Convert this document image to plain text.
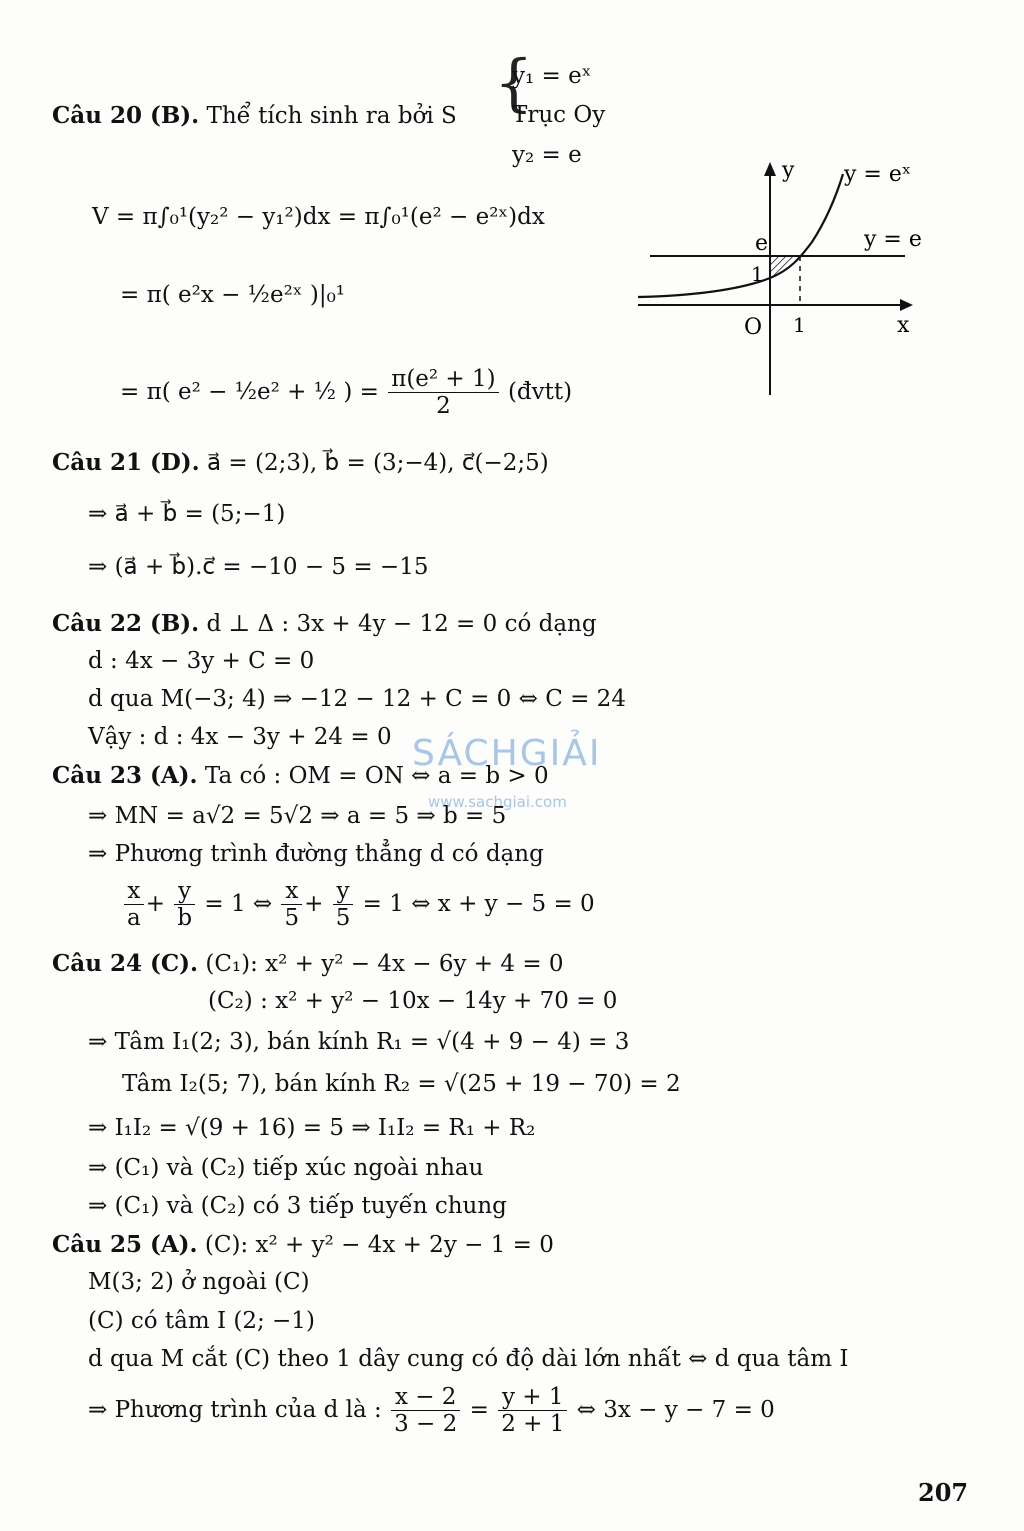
Câu 20 (B). Thể tích sinh ra bởi S {
y₁ = eˣ
Trục Oy
y₂ = e
V = π∫₀¹(y₂² − y₁²)dx = π∫₀¹(e² − e²ˣ)dx
= π( e²x − ½e²ˣ )|₀¹
= π( e² − ½e² + ½ ) = $\frac{\text{π(e² + 1)}}{2}$ (đvtt)
y y = eˣ
y = e
e
1
O 1	x
Câu 21 (D). a⃗ = (2;3), b⃗ = (3;−4), c⃗(−2;5)
⇒ a⃗ + b⃗ = (5;−1)
⇒ (a⃗ + b⃗).c⃗ = −10 − 5 = −15
Câu 22 (B). d ⊥ Δ : 3x + 4y − 12 = 0 có dạng
d : 4x − 3y + C = 0
d qua M(−3; 4) ⇒ −12 − 12 + C = 0 ⇔ C = 24
Vậy : d : 4x − 3y + 24 = 0 SÁCHGIẢI
www.sachgiai.com
Câu 23 (A). Ta có : OM = ON ⇔ a = b > 0
⇒ MN = a√2 = 5√2 ⇒ a = 5 ⇒ b = 5
⇒ Phương trình đường thẳng d có dạng
$\frac{x}{a} + \frac{y}{b} = 1$ ⇔ $\frac{x}{5} + \frac{y}{5} = 1$ ⇔ x + y − 5 = 0
Câu 24 (C). (C₁): x² + y² − 4x − 6y + 4 = 0
(C₂) : x² + y² − 10x − 14y + 70 = 0
⇒ Tâm I₁(2; 3), bán kính R₁ = √(4 + 9 − 4) = 3
Tâm I₂(5; 7), bán kính R₂ = √(25 + 19 − 70) = 2
⇒ I₁I₂ = √(9 + 16) = 5 ⇒ I₁I₂ = R₁ + R₂
⇒ (C₁) và (C₂) tiếp xúc ngoài nhau
⇒ (C₁) và (C₂) có 3 tiếp tuyến chung
Câu 25 (A). (C): x² + y² − 4x + 2y − 1 = 0
M(3; 2) ở ngoài (C)
(C) có tâm I (2; −1)
d qua M cắt (C) theo 1 dây cung có độ dài lớn nhất ⇔ d qua tâm I
⇒ Phương trình của d là : $\frac{x - 2}{3 - 2} = \frac{y + 1}{2 + 1}$ ⇔ 3x − y − 7 = 0
207
